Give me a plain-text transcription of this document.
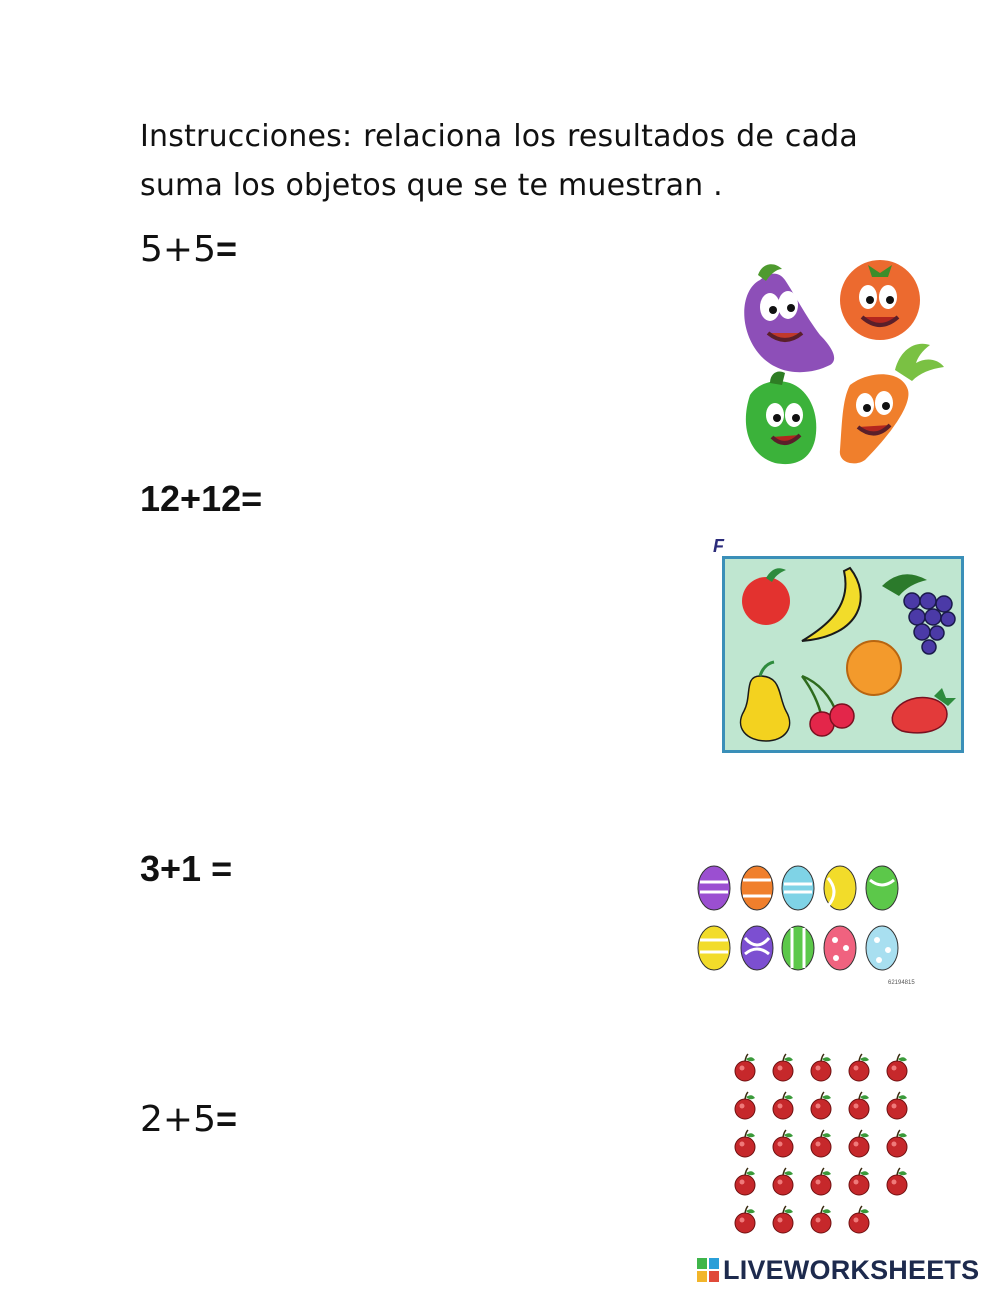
Instrucciones: relaciona los resultados de cada suma los objetos que se te muestran .
5+5=
12+12=
3+1 =
2+5=
F
62194815
LIVEWORKSHEETS
